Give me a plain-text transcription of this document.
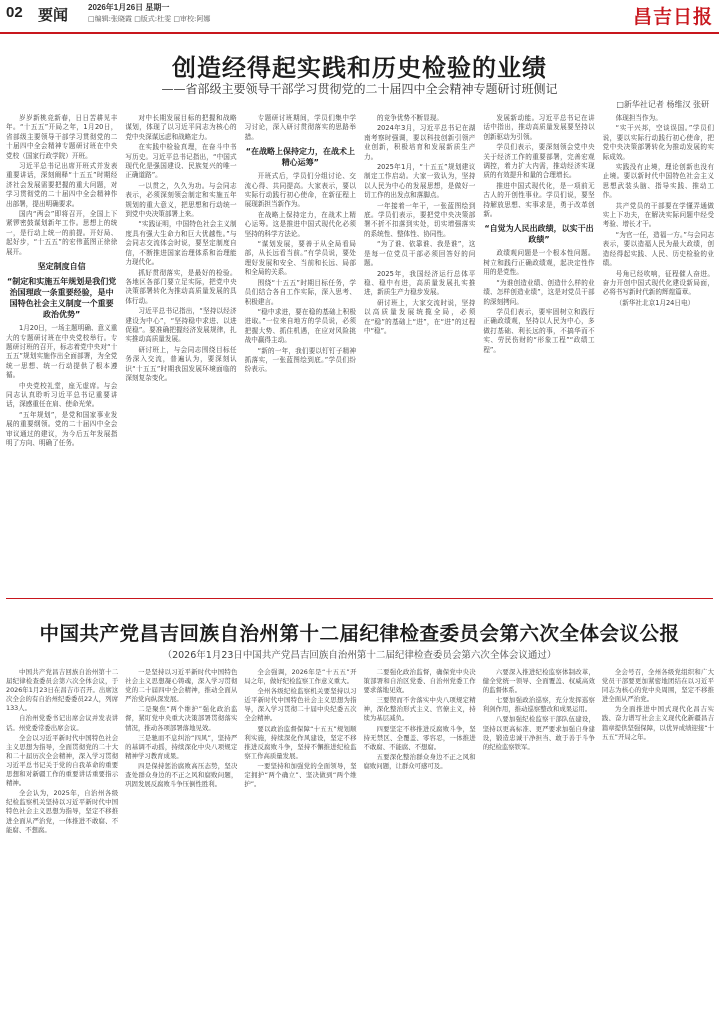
02 要闻 2026年1月26日 星期一
□编辑:张晓霞 □版式:杜雯 □审校:阿娜	昌吉日报
创造经得起实践和历史检验的业绩
——省部级主要领导干部学习贯彻党的二十届四中全会精神专题研讨班侧记
□新华社记者 杨维汉 张研

岁岁新桃竞新春，日日苦耕见丰年。“十五五”开局之年，1月20日，省部级主要领导干部学习贯彻党的二十届四中全会精神专题研讨班在中央党校（国家行政学院）开班。

习近平总书记出席开班式并发表重要讲话，深刻阐释“十五五”时期经济社会发展需要把握的重大问题，对学习贯彻党的二十届四中全会精神作出部署，提出明确要求。

国内“两会”即将召开，全国上下紧锣密鼓谋划新年工作。思想上的统一，是行动上统一的前提。开好局、起好步，“十五五”的宏伟蓝图正徐徐展开。

坚定制度自信
“制定和实施五年规划是我们党治国理政一条重要经验，是中国特色社会主义制度一个重要政治优势”

1月20日，一场主题明确、意义重大的专题研讨班在中央党校举行。专题研讨班的召开，标志着党中央对“十五五”规划实施作出全面部署，为全党统一思想、统一行动提供了根本遵循。

中央党校礼堂，座无虚席。与会同志认真聆听习近平总书记重要讲话，深感重任在肩、使命光荣。

“五年规划”，是党和国家事业发展的重要纲领。党的二十届四中全会审议通过的建议，为今后五年发展指明了方向、明确了任务。

对中长期发展目标的把握和战略谋划，体现了以习近平同志为核心的党中央深谋远虑和战略定力。

在实践中检验真理，在奋斗中书写历史。习近平总书记指出，“中国式现代化是强国建设、民族复兴的唯一正确道路”。

一以贯之，久久为功。与会同志表示，必须深刻领会制定和实施五年规划的重大意义，把思想和行动统一到党中央决策部署上来。

“实践证明，中国特色社会主义制度具有强大生命力和巨大优越性。”与会同志交流体会时说，要坚定制度自信，不断推进国家治理体系和治理能力现代化。

抓好贯彻落实，是最好的检验。各地区各部门要立足实际，把党中央决策部署转化为推动高质量发展的具体行动。

习近平总书记指出，“坚持以经济建设为中心”，“坚持稳中求进、以进促稳”。要准确把握经济发展规律，扎实推动高质量发展。

研讨班上，与会同志围绕目标任务深入交流，普遍认为，要深刻认识“十五五”时期我国发展环境面临的深刻复杂变化。

专题研讨班期间，学员们集中学习讨论，深入研讨贯彻落实的思路举措。

“在战略上保持定力，在战术上精心运筹”

开班式后，学员们分组讨论、交流心得、共同提高。大家表示，要以实际行动践行初心使命，在新征程上展现新担当新作为。

在战略上保持定力，在战术上精心运筹。这是推进中国式现代化必须坚持的科学方法论。

“谋划发展，要善于从全局看局部，从长远看当前。”有学员说，要处理好发展和安全、当前和长远、局部和全局的关系。

围绕“十五五”时期目标任务，学员们结合各自工作实际，深入思考、积极建言。

“稳中求进，要在稳的基础上积极进取。”一位来自地方的学员说，必须把握大势、抓住机遇，在应对风险挑战中赢得主动。

“新的一年，我们要以钉钉子精神抓落实，一张蓝图绘到底。”学员们纷纷表示。

的竞争优势不断显现。

2024年3月，习近平总书记在湖南考察时强调，要以科技创新引领产业创新，积极培育和发展新质生产力。

2025年1月，“十五五”规划建议制定工作启动。大家一致认为，坚持以人民为中心的发展思想，是做好一切工作的出发点和落脚点。

一年接着一年干，一张蓝图绘到底。学员们表示，要把党中央决策部署不折不扣落到实处，切实增强落实的系统性、整体性、协同性。

“为了谁、依靠谁、我是谁”，这是每一位党员干部必须回答好的问题。

2025年，我国经济运行总体平稳、稳中有进，高质量发展扎实推进，新质生产力稳步发展。

研讨班上，大家交流时说，坚持以高质量发展统揽全局，必须在“稳”的基础上“进”，在“进”的过程中“稳”。

发展新动能。习近平总书记在讲话中指出，推动高质量发展要坚持以创新驱动为引领。

学员们表示，要深刻领会党中央关于经济工作的重要部署，完善宏观调控，着力扩大内需，推动经济实现质的有效提升和量的合理增长。

推进中国式现代化，是一项前无古人的开创性事业。学员们说，要坚持解放思想、实事求是，勇于改革创新。

“自觉为人民出政绩，以实干出政绩”

政绩观问题是一个根本性问题。树立和践行正确政绩观，起决定性作用的是党性。

“为谁创造业绩、创造什么样的业绩、怎样创造业绩”，这是对党员干部的深刻拷问。

学员们表示，要牢固树立和践行正确政绩观，坚持以人民为中心，多做打基础、利长远的事，不搞华而不实、劳民伤财的“形象工程”“政绩工程”。

体现担当作为。

“实干兴邦，空谈误国。”学员们说，要以实际行动践行初心使命，把党中央决策部署转化为推动发展的实际成效。

实践没有止境，理论创新也没有止境。要以新时代中国特色社会主义思想武装头脑、指导实践、推动工作。

共产党员的干部要在学懂弄通做实上下功夫，在解决实际问题中经受考验、增长才干。

“为官一任，造福一方。”与会同志表示，要以造福人民为最大政绩，创造经得起实践、人民、历史检验的业绩。

号角已经吹响，征程催人奋进。奋力开创中国式现代化建设新局面，必将书写新时代新的辉煌篇章。

（新华社北京1月24日电）

中国共产党昌吉回族自治州第十二届纪律检查委员会第六次全体会议公报
（2026年1月23日中国共产党昌吉回族自治州第十二届纪律检查委员会第六次全体会议通过）

中国共产党昌吉回族自治州第十二届纪律检查委员会第六次全体会议，于2026年1月23日在昌吉市召开。出席这次全会的有自治州纪委委员22人，列席133人。

自治州党委书记出席会议并发表讲话。州党委常委出席会议。

全会以习近平新时代中国特色社会主义思想为指导，全面贯彻党的二十大和二十届历次全会精神，深入学习贯彻习近平总书记关于党的自我革命的重要思想和对新疆工作的重要讲话重要指示精神。

全会认为，2025年，自治州各级纪检监察机关坚持以习近平新时代中国特色社会主义思想为指导，坚定不移推进全面从严治党，一体推进不敢腐、不能腐、不想腐。

一是坚持以习近平新时代中国特色社会主义思想凝心铸魂，深入学习贯彻党的二十届四中全会精神，推动全面从严治党向纵深发展。

二是聚焦“两个维护”强化政治监督，紧盯党中央重大决策部署贯彻落实情况，推动各项部署落地见效。

三是驰而不息纠治“四风”，坚持严的基调不动摇，持续深化中央八项规定精神学习教育成果。

四是保持惩治腐败高压态势，坚决查处群众身边的不正之风和腐败问题，巩固发展反腐败斗争压倒性胜利。

全会强调，2026年是“十五五”开局之年，做好纪检监察工作意义重大。

全州各级纪检监察机关要坚持以习近平新时代中国特色社会主义思想为指导，深入学习贯彻二十届中央纪委五次全会精神。

要以政治监督保障“十五五”规划顺利实施，持续深化作风建设，坚定不移推进反腐败斗争，坚持不懈推进纪检监察工作高质量发展。

一要坚持和加强党的全面领导，坚定拥护“两个确立”、坚决做到“两个维护”。

二要强化政治监督，确保党中央决策部署和自治区党委、自治州党委工作要求落地见效。

三要锲而不舍落实中央八项规定精神，深化整治形式主义、官僚主义，持续为基层减负。

四要坚定不移推进反腐败斗争，坚持无禁区、全覆盖、零容忍，一体推进不敢腐、不能腐、不想腐。

五要深化整治群众身边不正之风和腐败问题，让群众可感可及。

六要深入推进纪检监察体制改革，健全党统一领导、全面覆盖、权威高效的监督体系。

七要加强政治巡察，充分发挥巡察利剑作用，推动巡察整改和成果运用。

八要加强纪检监察干部队伍建设，坚持以更高标准、更严要求加强自身建设，锻造忠诚干净担当、敢于善于斗争的纪检监察铁军。

全会号召，全州各级党组织和广大党员干部要更加紧密地团结在以习近平同志为核心的党中央周围，坚定不移推进全面从严治党。

为全面推进中国式现代化昌吉实践、奋力谱写社会主义现代化新疆昌吉篇章提供坚强保障，以优异成绩迎接“十五五”开局之年。
